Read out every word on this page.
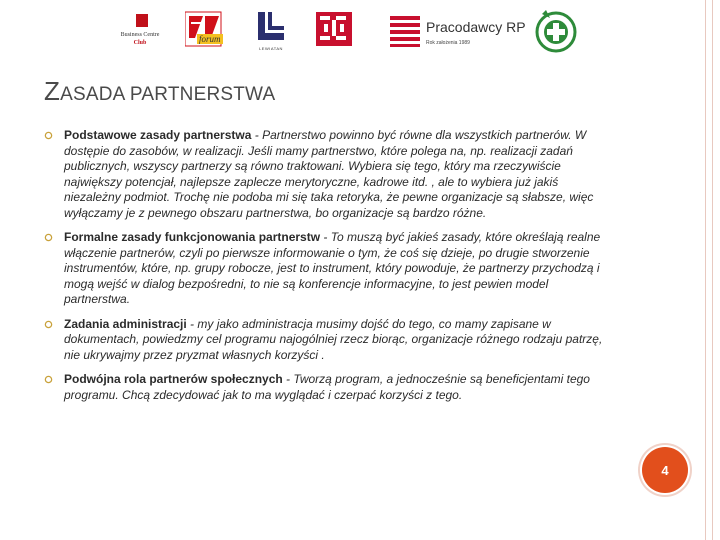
Business Centre
Club	forum
LEWIATAN
Pracodawcy RP
Rok założenia 1989
ZASADA PARTNERSTWA
Podstawowe zasady partnerstwa - Partnerstwo powinno być równe dla wszystkich partnerów. W dostępie do zasobów, w realizacji. Jeśli mamy partnerstwo, które polega na, np. realizacji zadań publicznych, wszyscy partnerzy są równo traktowani. Wybiera się tego, który ma rzeczywiście największy potencjał, najlepsze zaplecze merytoryczne, kadrowe itd. , ale to wybiera już jakiś niezależny podmiot. Trochę nie podoba mi się taka retoryka, że pewne organizacje są słabsze, więc wyłączamy je z pewnego obszaru partnerstwa, bo organizacje są bardzo różne.
Formalne zasady funkcjonowania partnerstw - To muszą być jakieś zasady, które określają realne włączenie partnerów, czyli po pierwsze informowanie o tym, że coś się dzieje, po drugie stworzenie instrumentów, które, np. grupy robocze, jest to instrument, który powoduje, że partnerzy przychodzą i mogą wejść w dialog bezpośredni, to nie są konferencje informacyjne, to jest pewien model partnerstwa.
Zadania administracji - my jako administracja musimy dojść do tego, co mamy zapisane w dokumentach, powiedzmy cel programu najogólniej rzecz biorąc, organizacje różnego rodzaju patrzę, nie ukrywajmy przez pryzmat własnych korzyści .
Podwójna rola partnerów społecznych - Tworzą program, a jednocześnie są beneficjentami tego programu. Chcą zdecydować jak to ma wyglądać i czerpać korzyści z tego.
4
